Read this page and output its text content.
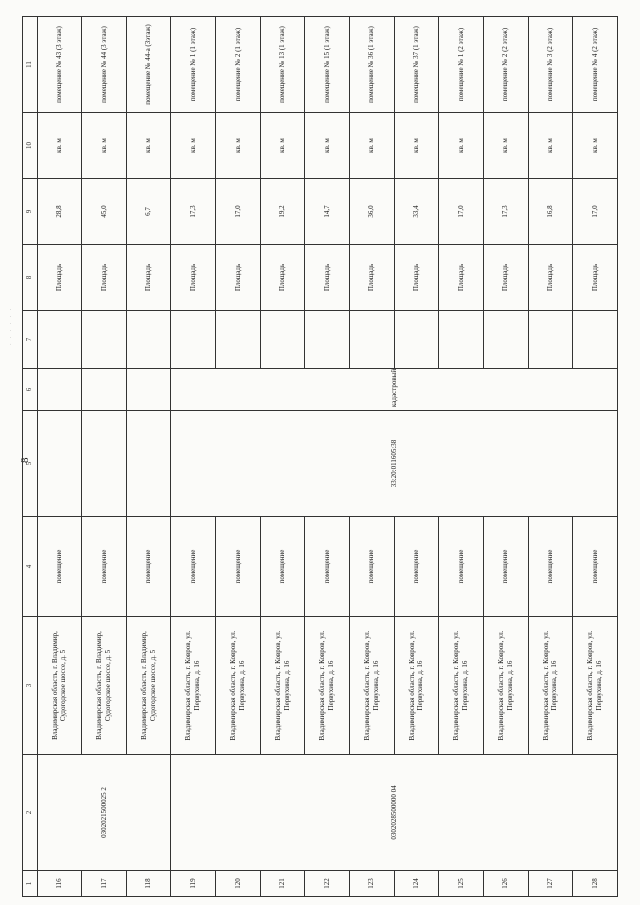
8
· · · · · ·
1	2	3	4	5	6	7	8	9	10	11
116	0302021500025 2	Владимирская область, г. Владимир, Судогодское шоссе, д. 5	помещение				Площадь	28,8	кв. м	помещение № 43 (3 этаж)
117		Владимирская область, г. Владимир, Судогодское шоссе, д. 5	помещение				Площадь	45,0	кв. м	помещение № 44 (3 этаж)
118		Владимирская область, г. Владимир, Судогодское шоссе, д. 5	помещение				Площадь	6,7	кв. м	помещение № 44-а (3этаж)
119	0302028500000 04	Владимирская область, г. Ковров, ул. Первухина, д. 16	помещение	33:20:011605:38	кадастровый		Площадь	17,3	кв. м	помещение № 1 (1 этаж)
120		Владимирская область, г. Ковров, ул. Первухина, д. 16	помещение				Площадь	17,0	кв. м	помещение № 2 (1 этаж)
121		Владимирская область, г. Ковров, ул. Первухина, д. 16	помещение				Площадь	19,2	кв. м	помещение № 13 (1 этаж)
122		Владимирская область, г. Ковров, ул. Первухина, д. 16	помещение				Площадь	14,7	кв. м	помещение № 15 (1 этаж)
123		Владимирская область, г. Ковров, ул. Первухина, д. 16	помещение				Площадь	36,0	кв. м	помещение № 36 (1 этаж)
124		Владимирская область, г. Ковров, ул. Первухина, д. 16	помещение				Площадь	33,4	кв. м	помещение № 37 (1 этаж)
125		Владимирская область, г. Ковров, ул. Первухина, д. 16	помещение				Площадь	17,0	кв. м	помещение № 1 (2 этаж)
126		Владимирская область, г. Ковров, ул. Первухина, д. 16	помещение				Площадь	17,3	кв. м	помещение № 2 (2 этаж)
127		Владимирская область, г. Ковров, ул. Первухина, д. 16	помещение				Площадь	16,8	кв. м	помещение № 3 (2 этаж)
128		Владимирская область, г. Ковров, ул. Первухина, д. 16	помещение				Площадь	17,0	кв. м	помещение № 4 (2 этаж)
